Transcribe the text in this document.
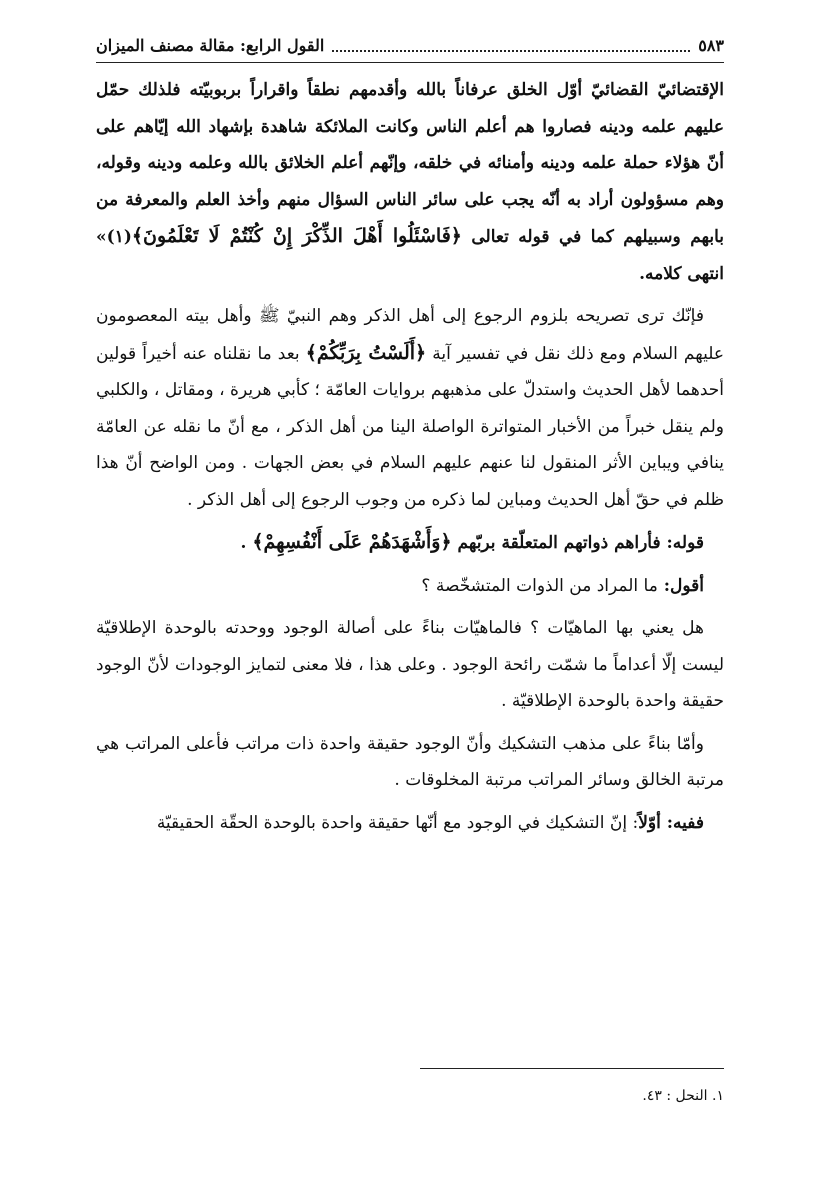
القول الرابع: مقالة مصنف الميزان	٥٨٣

الإقتضائيّ القضائيّ أوّل الخلق عرفاناً بالله وأقدمهم نطقاً واقراراً بربوبيّته فلذلك حمّل عليهم علمه ودينه فصاروا هم أعلم الناس وكانت الملائكة شاهدة بإشهاد الله إيّاهم على أنّ هؤلاء حملة علمه ودينه وأمنائه في خلقه، وإنّهم أعلم الخلائق بالله وعلمه ودينه وقوله، وهم مسؤولون أراد به أنّه يجب على سائر الناس السؤال منهم وأخذ العلم والمعرفة من بابهم وسبيلهم كما في قوله تعالى ﴿فَاسْئَلُوا أَهْلَ الذِّكْرَ إِنْ كُنْتُمْ لَا تَعْلَمُونَ﴾(١)» انتهى كلامه.

فإنّك ترى تصريحه بلزوم الرجوع إلى أهل الذكر وهم النبيّ ﷺ وأهل بيته المعصومون عليهم السلام ومع ذلك نقل في تفسير آية ﴿أَلَسْتُ بِرَبِّكُمْ﴾ بعد ما نقلناه عنه أخيراً قولين أحدهما لأهل الحديث واستدلّ على مذهبهم بروايات العامّة ؛ كأبي هريرة ، ومقاتل ، والكلبي ولم ينقل خبراً من الأخبار المتواترة الواصلة الينا من أهل الذكر ، مع أنّ ما نقله عن العامّة ينافي ويباين الأثر المنقول لنا عنهم عليهم السلام في بعض الجهات . ومن الواضح أنّ هذا ظلم في حقّ أهل الحديث ومباين لما ذكره من وجوب الرجوع إلى أهل الذكر .

قوله: فأراهم ذواتهم المتعلّقة بربّهم ﴿وَأَشْهَدَهُمْ عَلَى أَنْفُسِهِمْ﴾ .

أقول: ما المراد من الذوات المتشخّصة ؟

هل يعني بها الماهيّات ؟ فالماهيّات بناءً على أصالة الوجود ووحدته بالوحدة الإطلاقيّة ليست إلّا أعداماً ما شمّت رائحة الوجود . وعلى هذا ، فلا معنى لتمايز الوجودات لأنّ الوجود حقيقة واحدة بالوحدة الإطلاقيّة .

وأمّا بناءً على مذهب التشكيك وأنّ الوجود حقيقة واحدة ذات مراتب فأعلى المراتب هي مرتبة الخالق وسائر المراتب مرتبة المخلوقات .

ففيه: أوّلاً: إنّ التشكيك في الوجود مع أنّها حقيقة واحدة بالوحدة الحقّة الحقيقيّة

١. النحل : ٤٣.
